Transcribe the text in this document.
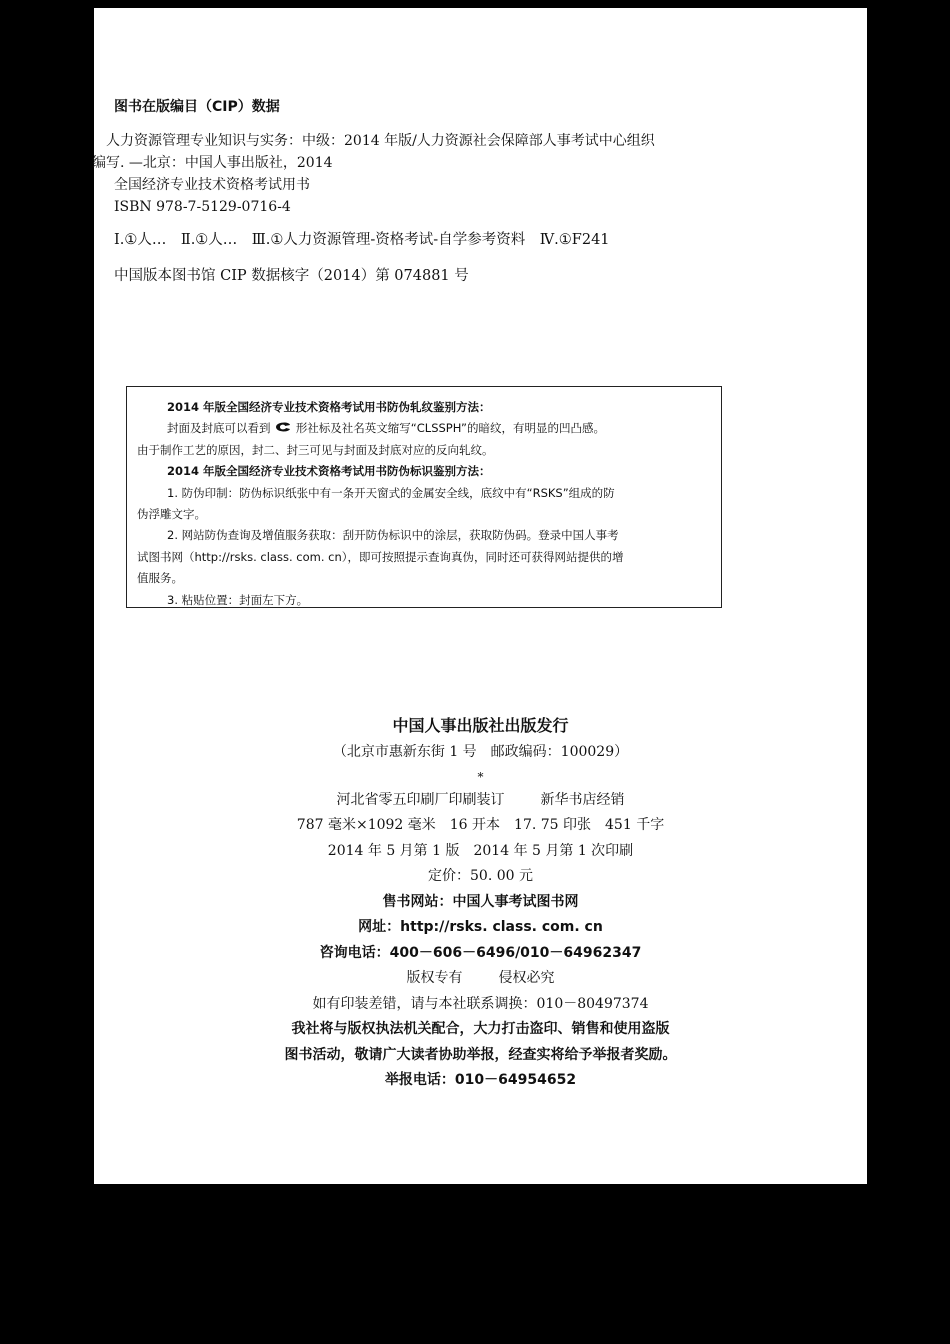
图书在版编目（CIP）数据

人力资源管理专业知识与实务：中级：2014 年版/人力资源社会保障部人事考试中心组织

编写. —北京：中国人事出版社，2014

全国经济专业技术资格考试用书

ISBN 978-7-5129-0716-4

Ⅰ.①人…　Ⅱ.①人…　Ⅲ.①人力资源管理-资格考试-自学参考资料　Ⅳ.①F241

中国版本图书馆 CIP 数据核字（2014）第 074881 号

2014 年版全国经济专业技术资格考试用书防伪轧纹鉴别方法：

封面及封底可以看到 形社标及社名英文缩写“CLSSPH”的暗纹，有明显的凹凸感。

由于制作工艺的原因，封二、封三可见与封面及封底对应的反向轧纹。

2014 年版全国经济专业技术资格考试用书防伪标识鉴别方法：

1. 防伪印制：防伪标识纸张中有一条开天窗式的金属安全线，底纹中有“RSKS”组成的防

伪浮雕文字。

2. 网站防伪查询及增值服务获取：刮开防伪标识中的涂层，获取防伪码。登录中国人事考

试图书网（http://rsks. class. com. cn），即可按照提示查询真伪，同时还可获得网站提供的增

值服务。

3. 粘贴位置：封面左下方。

中国人事出版社出版发行

（北京市惠新东街 1 号　邮政编码：100029）

*

河北省零五印刷厂印刷装订	新华书店经销

787 毫米×1092 毫米　16 开本　17. 75 印张　451 千字

2014 年 5 月第 1 版　2014 年 5 月第 1 次印刷

定价：50. 00 元

售书网站：中国人事考试图书网

网址：http://rsks. class. com. cn

咨询电话：400－606－6496/010－64962347

版权专有	侵权必究

如有印装差错，请与本社联系调换：010－80497374

我社将与版权执法机关配合，大力打击盗印、销售和使用盗版

图书活动，敬请广大读者协助举报，经查实将给予举报者奖励。

举报电话：010－64954652
